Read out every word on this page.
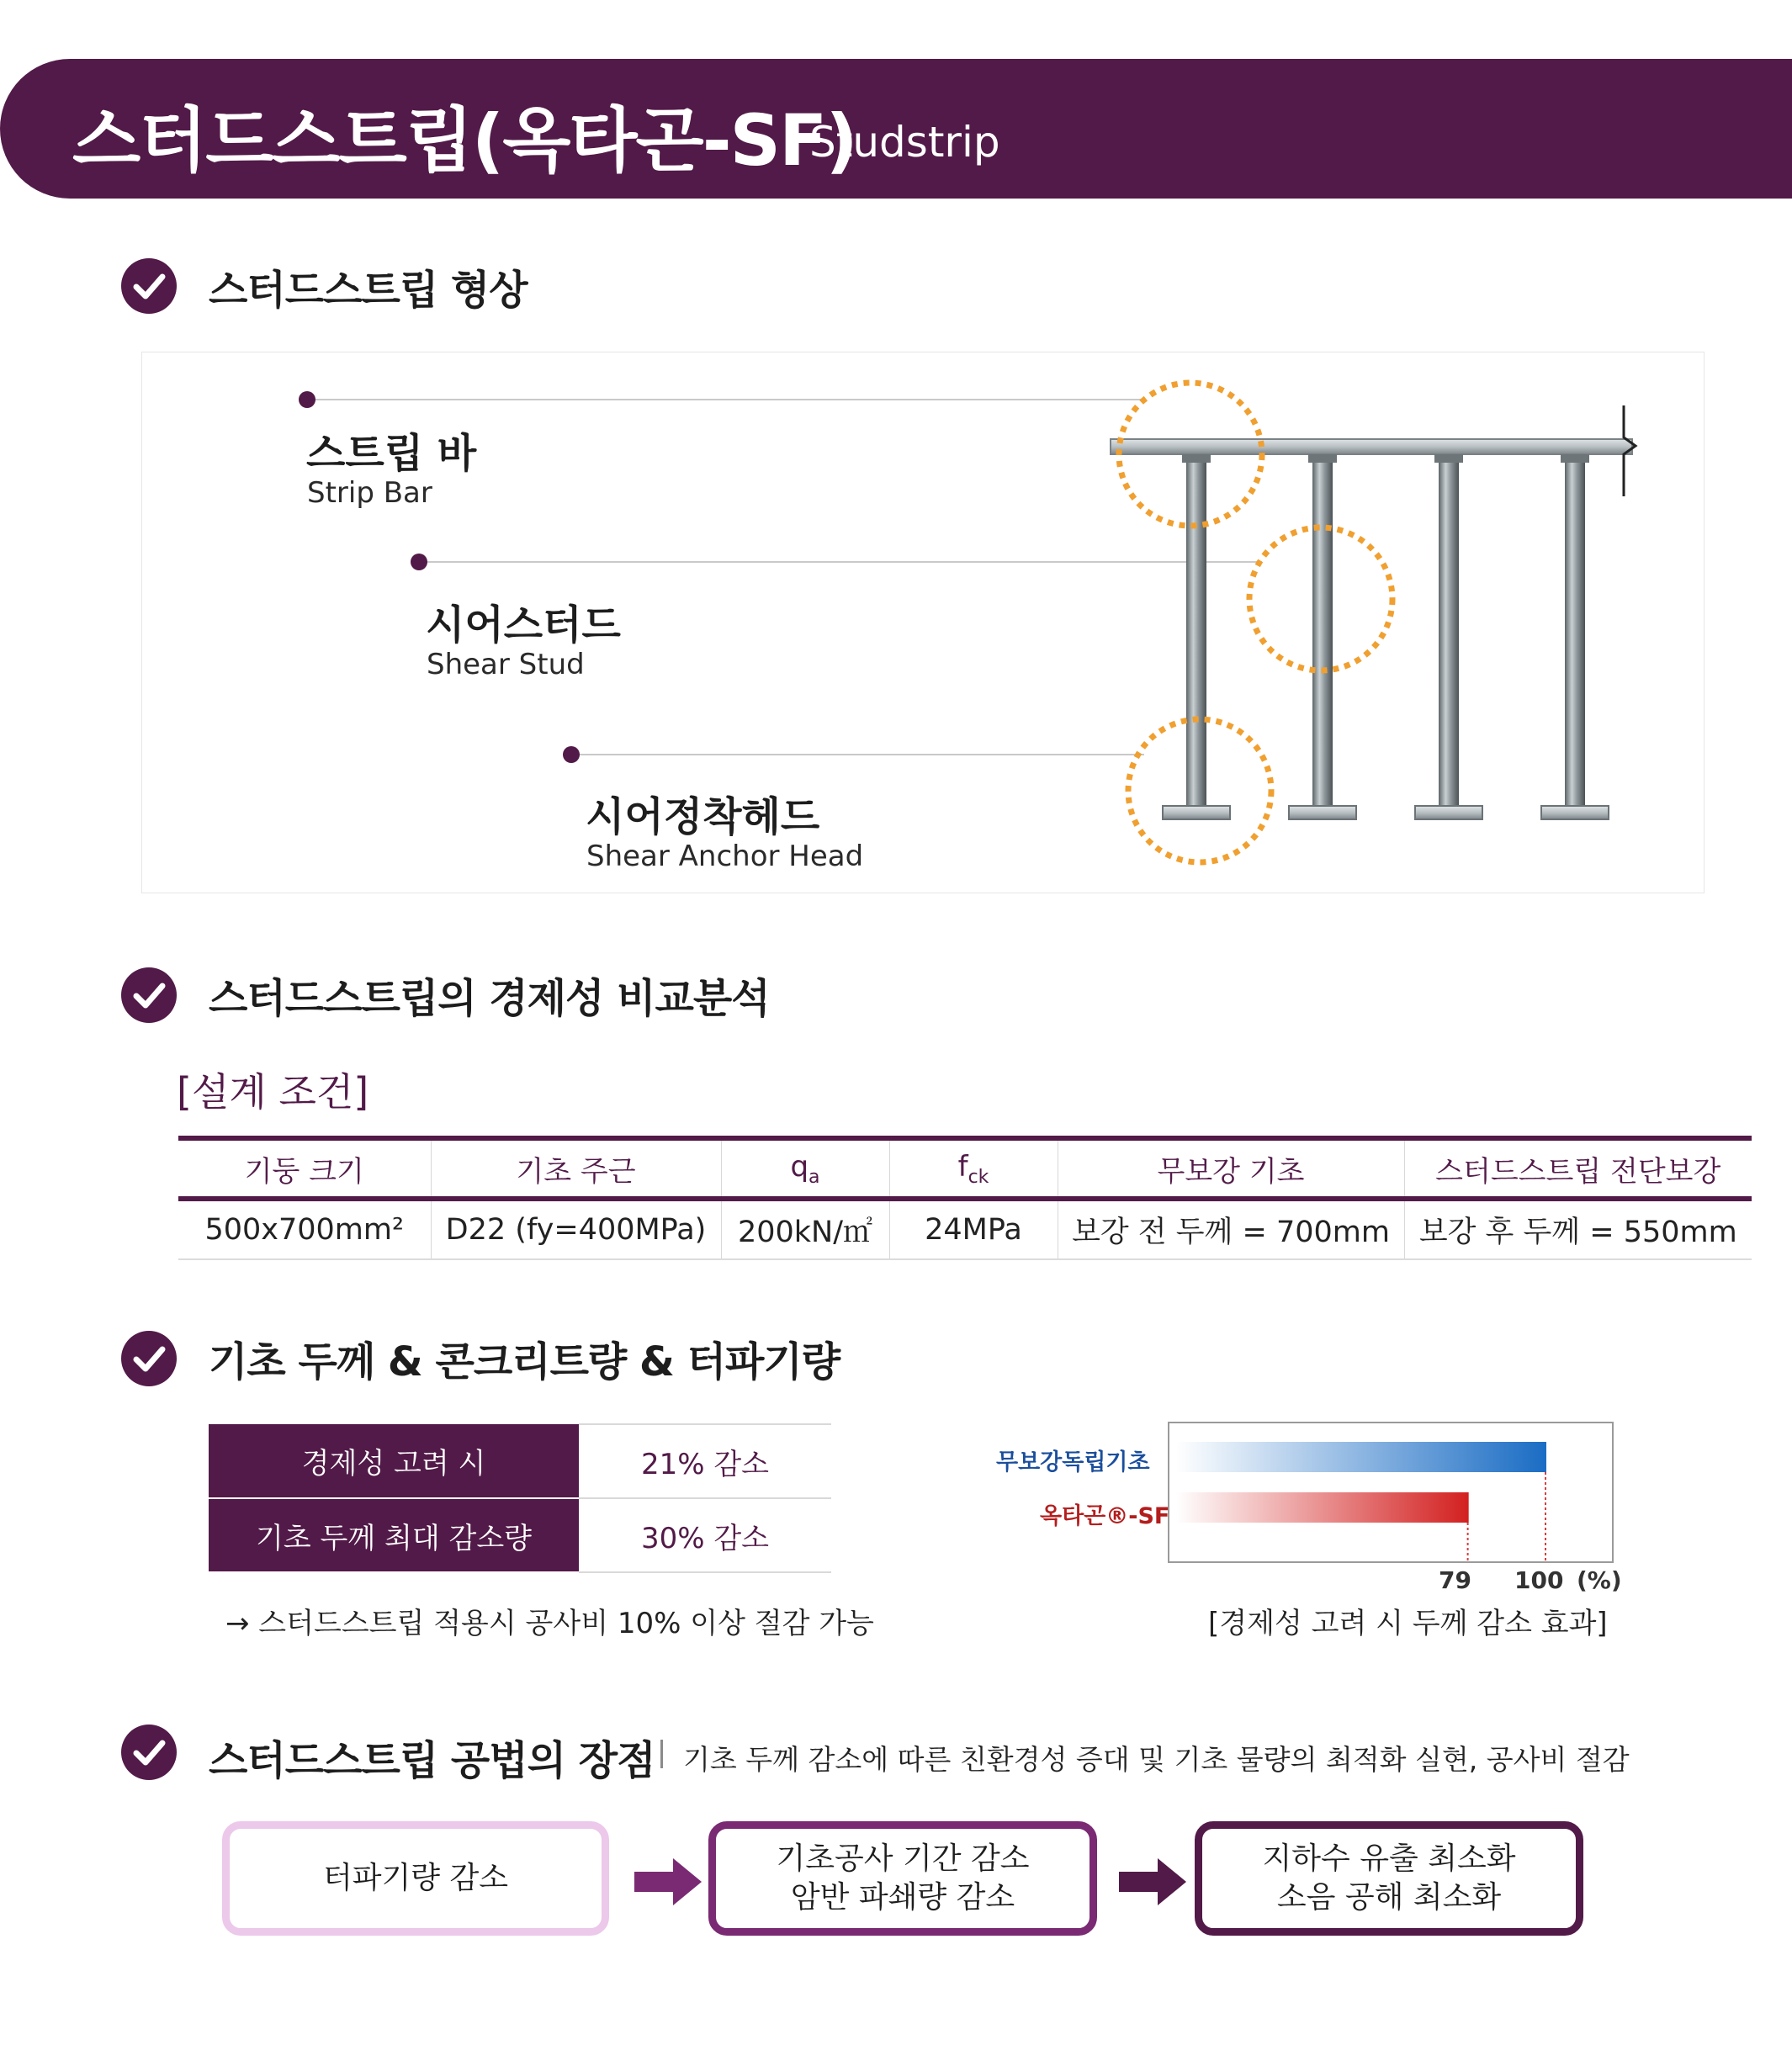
스터드스트립(옥타곤-SF)
Studstrip
스터드스트립 형상
스트립 바
Strip Bar
시어스터드
Shear Stud
시어정착헤드
Shear Anchor Head
스터드스트립의 경제성 비교분석
[설계 조건]
기둥 크기	기초 주근	$q_a$	$f_{ck}$	무보강 기초	스터드스트립 전단보강
500x700mm²	D22 (fy=400MPa)	200kN/㎡	24MPa	보강 전 두께 = 700mm	보강 후 두께 = 550mm
기초 두께 & 콘크리트량 & 터파기량
경제성 고려 시	21% 감소
기초 두께 최대 감소량	30% 감소
→ 스터드스트립 적용시 공사비 10% 이상 절감 가능
무보강독립기초
옥타곤®-SF
79 100 (%)
[경제성 고려 시 두께 감소 효과]
스터드스트립 공법의 장점 기초 두께 감소에 따른 친환경성 증대 및 기초 물량의 최적화 실현, 공사비 절감
터파기량 감소
기초공사 기간 감소
암반 파쇄량 감소
지하수 유출 최소화
소음 공해 최소화
